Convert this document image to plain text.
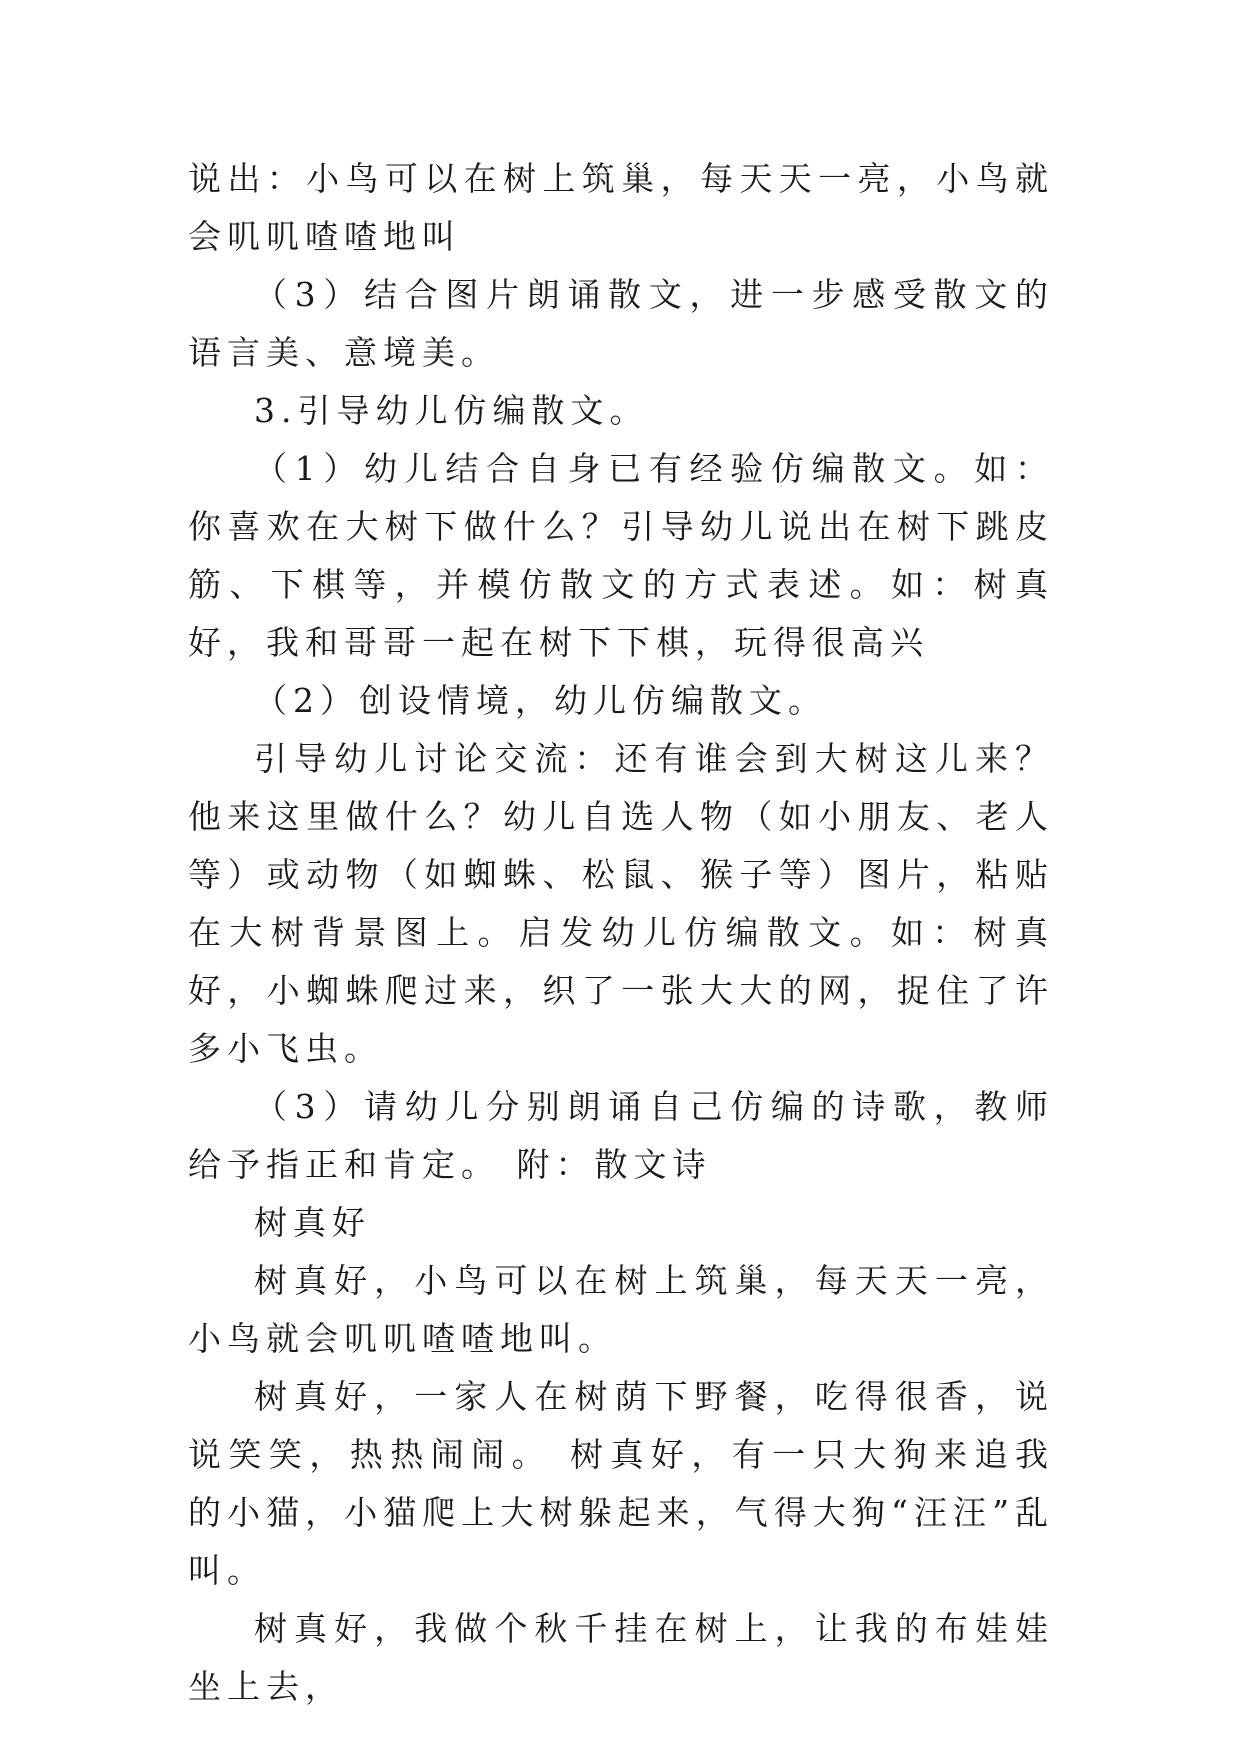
说出：小鸟可以在树上筑巢，每天天一亮，小鸟就会叽叽喳喳地叫

（3）结合图片朗诵散文，进一步感受散文的语言美、意境美。

3.引导幼儿仿编散文。

（1）幼儿结合自身已有经验仿编散文。如：你喜欢在大树下做什么？引导幼儿说出在树下跳皮筋、下棋等，并模仿散文的方式表述。如：树真好，我和哥哥一起在树下下棋，玩得很高兴

（2）创设情境，幼儿仿编散文。

引导幼儿讨论交流：还有谁会到大树这儿来？他来这里做什么？幼儿自选人物（如小朋友、老人等）或动物（如蜘蛛、松鼠、猴子等）图片，粘贴在大树背景图上。启发幼儿仿编散文。如：树真好，小蜘蛛爬过来，织了一张大大的网，捉住了许多小飞虫。

（3）请幼儿分别朗诵自己仿编的诗歌，教师给予指正和肯定。 附：散文诗

树真好

树真好，小鸟可以在树上筑巢，每天天一亮，小鸟就会叽叽喳喳地叫。

树真好，一家人在树荫下野餐，吃得很香，说说笑笑，热热闹闹。 树真好，有一只大狗来追我的小猫，小猫爬上大树躲起来，气得大狗“汪汪”乱叫。

树真好，我做个秋千挂在树上，让我的布娃娃坐上去，
